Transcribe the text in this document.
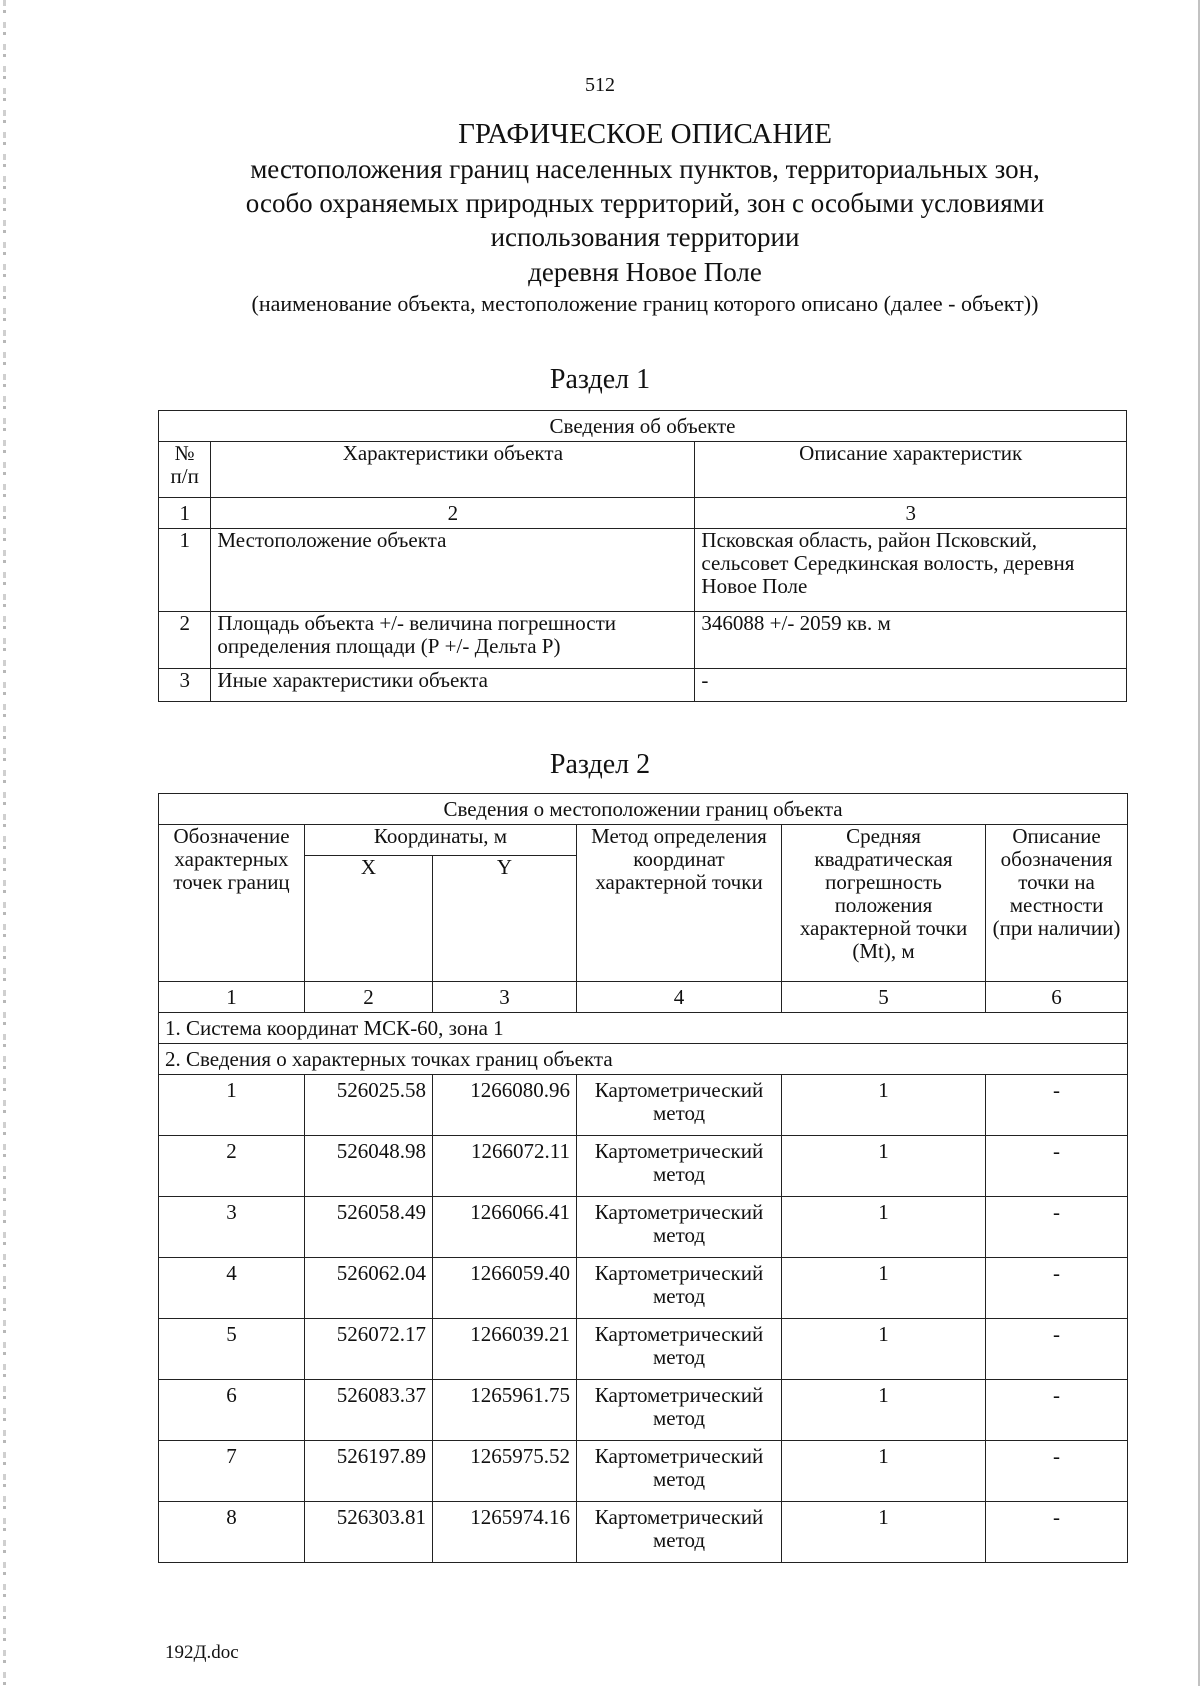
512
ГРАФИЧЕСКОЕ ОПИСАНИЕ
местоположения границ населенных пунктов, территориальных зон,
особо охраняемых природных территорий, зон с особыми условиями
использования территории
деревня Новое Поле
(наименование объекта, местоположение границ которого описано (далее - объект))
Раздел 1
Сведения об объекте		
№
п/п	Характеристики объекта	Описание характеристик
1	2	3
1	Местоположение объекта	Псковская область, район Псковский, сельсовет Середкинская волость, деревня Новое Поле
2	Площадь объекта +/- величина погрешности определения площади (Р +/- Дельта Р)	346088 +/- 2059 кв. м
3	Иные характеристики объекта	-
Раздел 2
Сведения о местоположении границ объекта					
Обозначение характерных точек границ	Координаты, м		Метод определения координат характерной точки	Средняя квадратическая погрешность положения характерной точки (Мt), м	Описание обозначения точки на местности (при наличии)
	X	Y			
1	2	3	4	5	6
1. Система координат МСК-60, зона 1					
2. Сведения о характерных точках границ объекта					
1	526025.58	1266080.96	Картометрический метод	1	-
2	526048.98	1266072.11	Картометрический метод	1	-
3	526058.49	1266066.41	Картометрический метод	1	-
4	526062.04	1266059.40	Картометрический метод	1	-
5	526072.17	1266039.21	Картометрический метод	1	-
6	526083.37	1265961.75	Картометрический метод	1	-
7	526197.89	1265975.52	Картометрический метод	1	-
8	526303.81	1265974.16	Картометрический метод	1	-
192Д.doc
